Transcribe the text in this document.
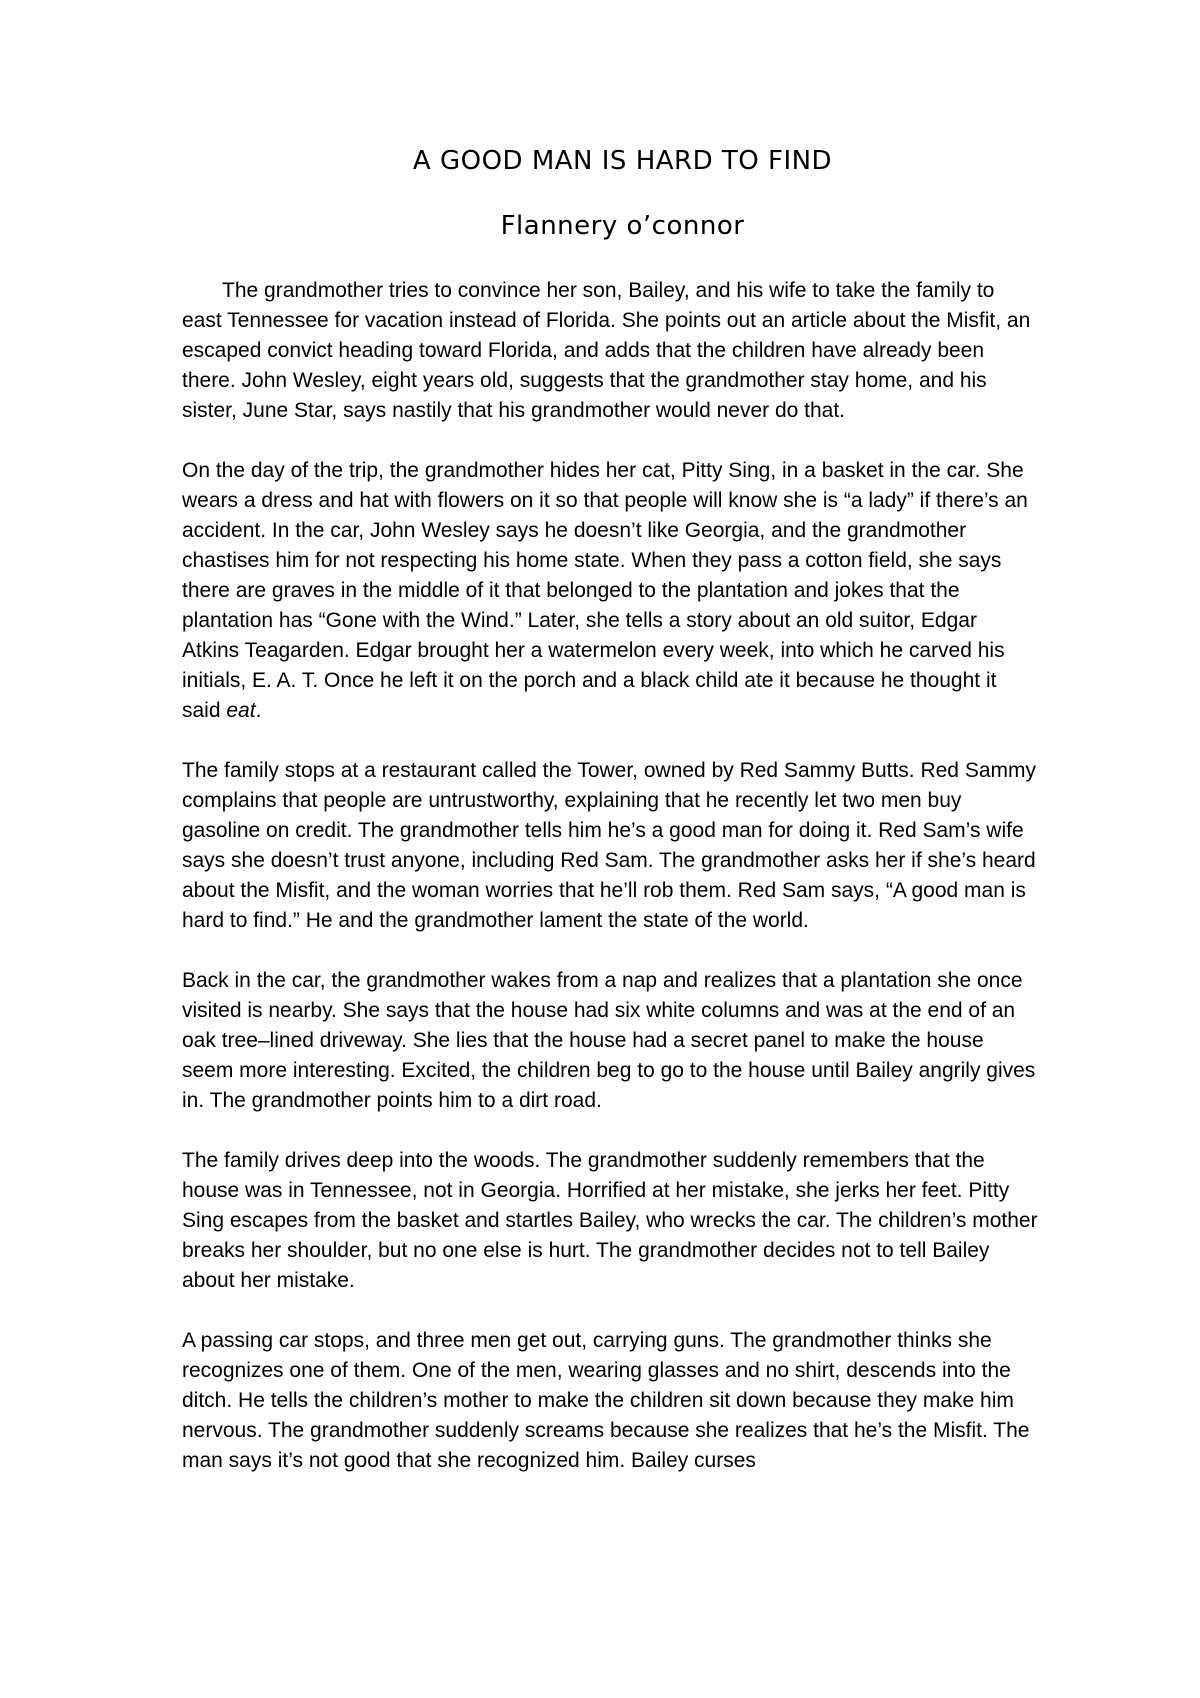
A GOOD MAN IS HARD TO FIND
Flannery o’connor

The grandmother tries to convince her son, Bailey, and his wife to take the family to east Tennessee for vacation instead of Florida. She points out an article about the Misfit, an escaped convict heading toward Florida, and adds that the children have already been there. John Wesley, eight years old, suggests that the grandmother stay home, and his sister, June Star, says nastily that his grandmother would never do that.

On the day of the trip, the grandmother hides her cat, Pitty Sing, in a basket in the car. She wears a dress and hat with flowers on it so that people will know she is “a lady” if there’s an accident. In the car, John Wesley says he doesn’t like Georgia, and the grandmother chastises him for not respecting his home state. When they pass a cotton field, she says there are graves in the middle of it that belonged to the plantation and jokes that the plantation has “Gone with the Wind.” Later, she tells a story about an old suitor, Edgar Atkins Teagarden. Edgar brought her a watermelon every week, into which he carved his initials, E. A. T. Once he left it on the porch and a black child ate it because he thought it said eat.

The family stops at a restaurant called the Tower, owned by Red Sammy Butts. Red Sammy complains that people are untrustworthy, explaining that he recently let two men buy gasoline on credit. The grandmother tells him he’s a good man for doing it. Red Sam’s wife says she doesn’t trust anyone, including Red Sam. The grandmother asks her if she’s heard about the Misfit, and the woman worries that he’ll rob them. Red Sam says, “A good man is hard to find.” He and the grandmother lament the state of the world.

Back in the car, the grandmother wakes from a nap and realizes that a plantation she once visited is nearby. She says that the house had six white columns and was at the end of an oak tree–lined driveway. She lies that the house had a secret panel to make the house seem more interesting. Excited, the children beg to go to the house until Bailey angrily gives in. The grandmother points him to a dirt road.

The family drives deep into the woods. The grandmother suddenly remembers that the house was in Tennessee, not in Georgia. Horrified at her mistake, she jerks her feet. Pitty Sing escapes from the basket and startles Bailey, who wrecks the car. The children’s mother breaks her shoulder, but no one else is hurt. The grandmother decides not to tell Bailey about her mistake.

A passing car stops, and three men get out, carrying guns. The grandmother thinks she recognizes one of them. One of the men, wearing glasses and no shirt, descends into the ditch. He tells the children’s mother to make the children sit down because they make him nervous. The grandmother suddenly screams because she realizes that he’s the Misfit. The man says it’s not good that she recognized him. Bailey curses
